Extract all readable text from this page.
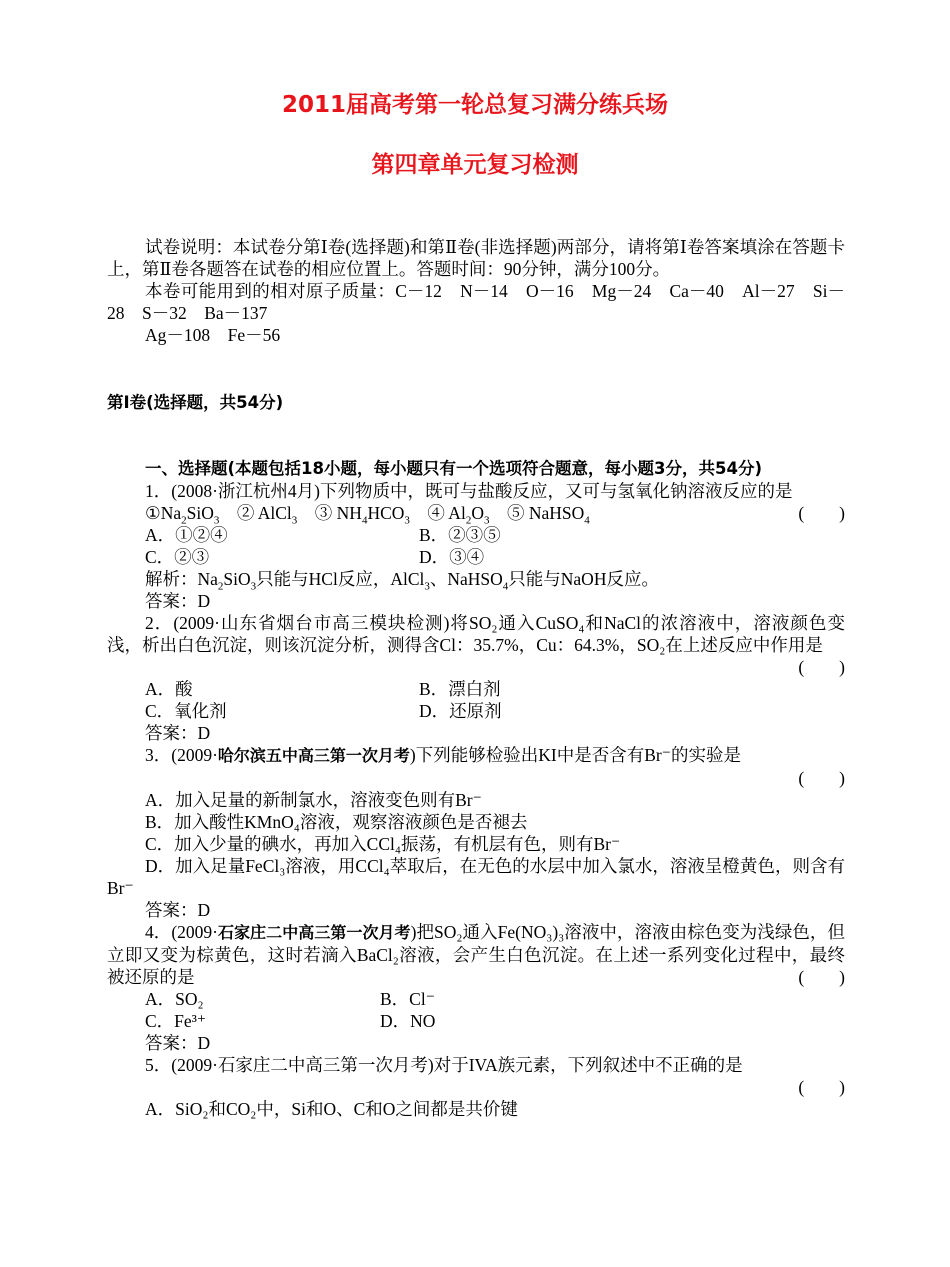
2011届高考第一轮总复习满分练兵场
第四章单元复习检测

试卷说明：本试卷分第Ⅰ卷(选择题)和第Ⅱ卷(非选择题)两部分，请将第Ⅰ卷答案填涂在答题卡上，第Ⅱ卷各题答在试卷的相应位置上。答题时间：90分钟，满分100分。

本卷可能用到的相对原子质量：C－12　N－14　O－16　Mg－24　Ca－40　Al－27　Si－28　S－32　Ba－137

Ag－108　Fe－56

第Ⅰ卷(选择题，共54分)

一、选择题(本题包括18小题，每小题只有一个选项符合题意，每小题3分，共54分)

1．(2008·浙江杭州4月)下列物质中，既可与盐酸反应，又可与氢氧化钠溶液反应的是

$①Na_2SiO_3$　② AlCl$_3$　③ $NH_4HCO_3$　④ $Al_2O_3$　⑤ NaHSO$_4$	(　　)
A．①②④	B．②③⑤
C．②③	D．③④

解析：$Na_2SiO_3$只能与HCl反应，AlCl$_3$、NaHSO$_4$只能与NaOH反应。

答案：D

2．(2009·山东省烟台市高三模块检测)将SO₂通入CuSO₄和NaCl的浓溶液中，溶液颜色变浅，析出白色沉淀，则该沉淀分析，测得含Cl：35.7%，Cu：64.3%，SO₂在上述反应中作用是
(　　)

A．酸	B．漂白剂
C．氧化剂	D．还原剂

答案：D

3．(2009·哈尔滨五中高三第一次月考)下列能够检验出KI中是否含有Br⁻的实验是

(　　)

A．加入足量的新制氯水，溶液变色则有Br⁻

B．加入酸性KMnO₄溶液，观察溶液颜色是否褪去

C．加入少量的碘水，再加入CCl₄振荡，有机层有色，则有Br⁻

D．加入足量FeCl₃溶液，用CCl₄萃取后，在无色的水层中加入氯水，溶液呈橙黄色，则含有Br⁻

答案：D

4．(2009·石家庄二中高三第一次月考)把SO₂通入Fe(NO₃)₃溶液中，溶液由棕色变为浅绿色，但立即又变为棕黄色，这时若滴入BaCl₂溶液，会产生白色沉淀。在上述一系列变化过程中，最终被还原的是	(　　)

A．SO₂	B．Cl⁻
C．Fe³⁺	D．NO

答案：D

5．(2009·石家庄二中高三第一次月考)对于IVA族元素，下列叙述中不正确的是

(　　)

A．SiO₂和CO₂中，Si和O、C和O之间都是共价键
